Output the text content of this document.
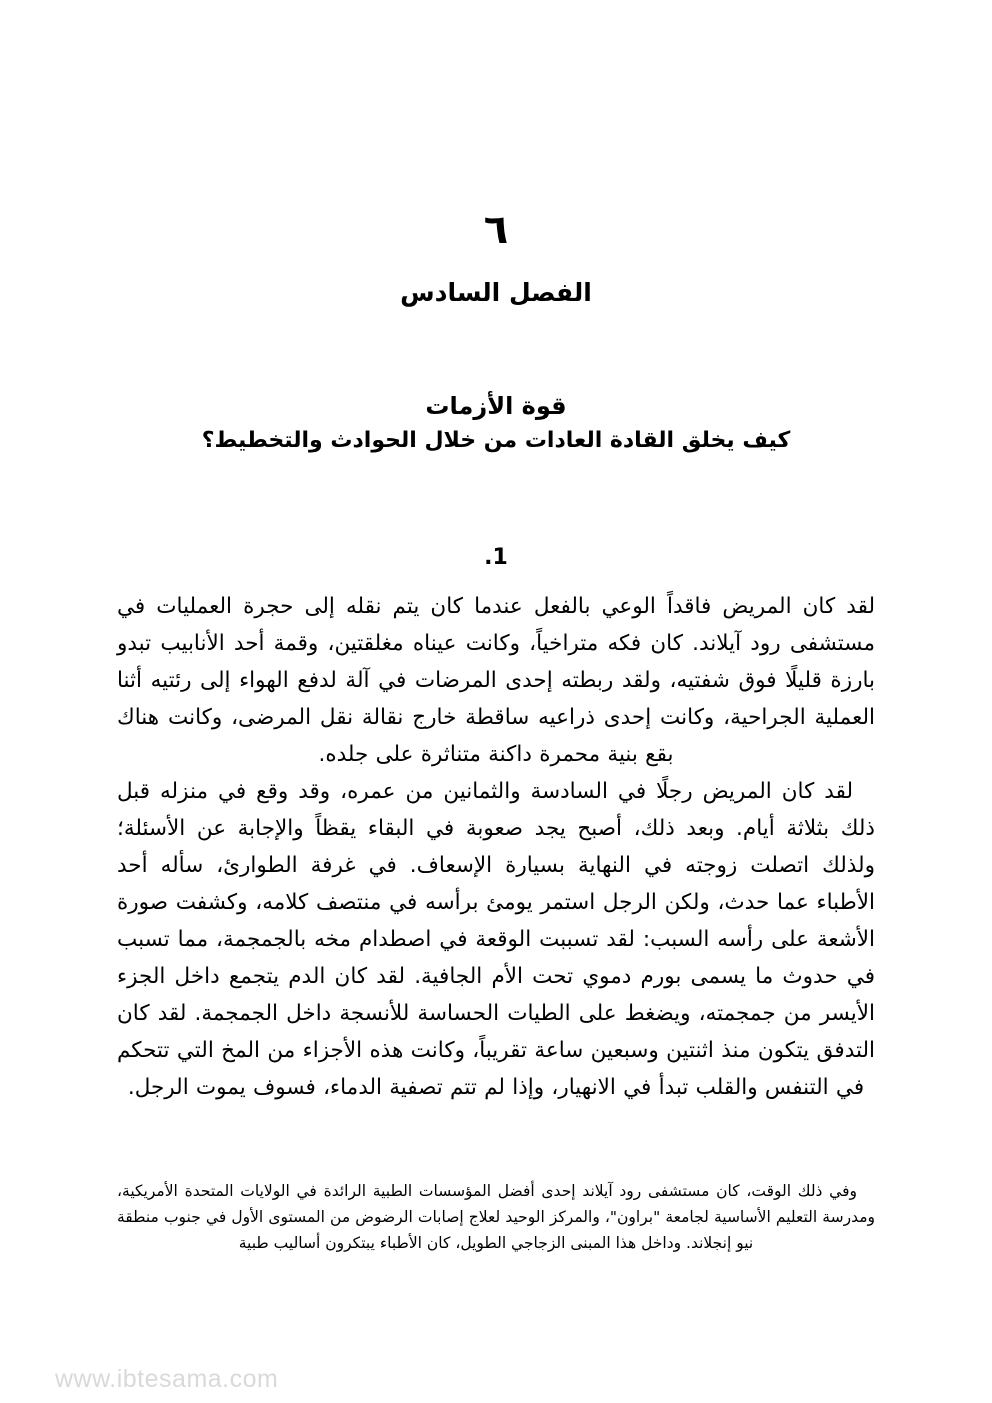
٦
الفصل السادس
قوة الأزمات
كيف يخلق القادة العادات من خلال الحوادث والتخطيط؟
1.

لقد كان المريض فاقداً الوعي بالفعل عندما كان يتم نقله إلى حجرة العمليات في مستشفى رود آيلاند. كان فكه متراخياً، وكانت عيناه مغلقتين، وقمة أحد الأنابيب تبدو بارزة قليلًا فوق شفتيه، ولقد ربطته إحدى المرضات في آلة لدفع الهواء إلى رئتيه أثنا العملية الجراحية، وكانت إحدى ذراعيه ساقطة خارج نقالة نقل المرضى، وكانت هناك بقع بنية محمرة داكنة متناثرة على جلده.

لقد كان المريض رجلًا في السادسة والثمانين من عمره، وقد وقع في منزله قبل ذلك بثلاثة أيام. وبعد ذلك، أصبح يجد صعوبة في البقاء يقظاً والإجابة عن الأسئلة؛ ولذلك اتصلت زوجته في النهاية بسيارة الإسعاف. في غرفة الطوارئ، سأله أحد الأطباء عما حدث، ولكن الرجل استمر يومئ برأسه في منتصف كلامه، وكشفت صورة الأشعة على رأسه السبب: لقد تسببت الوقعة في اصطدام مخه بالجمجمة، مما تسبب في حدوث ما يسمى بورم دموي تحت الأم الجافية. لقد كان الدم يتجمع داخل الجزء الأيسر من جمجمته، ويضغط على الطيات الحساسة للأنسجة داخل الجمجمة. لقد كان التدفق يتكون منذ اثنتين وسبعين ساعة تقريباً، وكانت هذه الأجزاء من المخ التي تتحكم في التنفس والقلب تبدأ في الانهيار، وإذا لم تتم تصفية الدماء، فسوف يموت الرجل.

وفي ذلك الوقت، كان مستشفى رود آيلاند إحدى أفضل المؤسسات الطبية الرائدة في الولايات المتحدة الأمريكية، ومدرسة التعليم الأساسية لجامعة "براون"، والمركز الوحيد لعلاج إصابات الرضوض من المستوى الأول في جنوب منطقة نيو إنجلاند. وداخل هذا المبنى الزجاجي الطويل، كان الأطباء يبتكرون أساليب طبية

www.ibtesama.com
